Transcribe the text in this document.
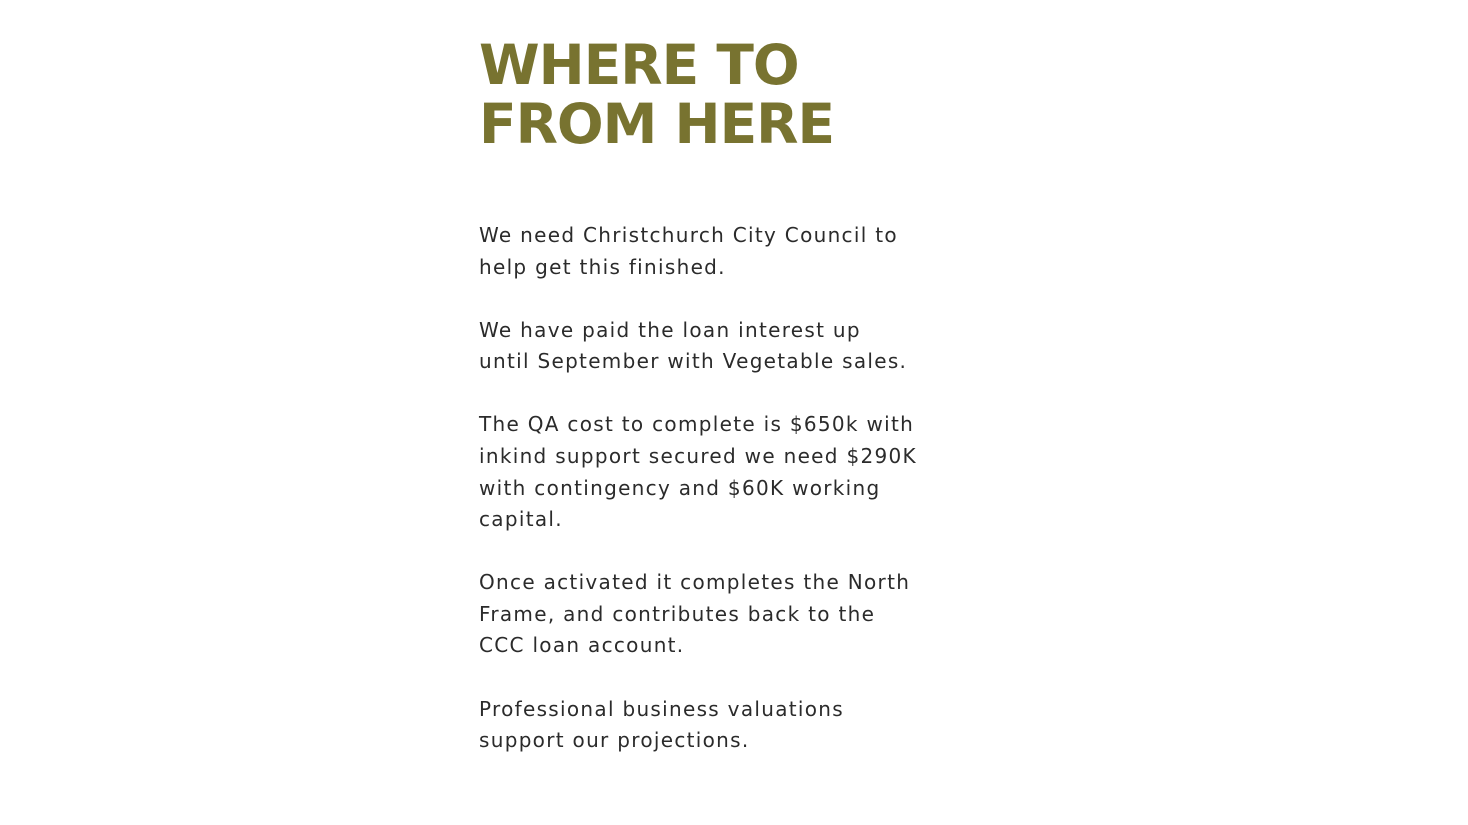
WHERE TO FROM HERE

We need Christchurch City Council to help get this finished.

We have paid the loan interest up until September with Vegetable sales.

The QA cost to complete is $650k with inkind support secured we need $290K with contingency and $60K working capital.

Once activated it completes the North Frame, and contributes back to the CCC loan account.

Professional business valuations support our projections.
